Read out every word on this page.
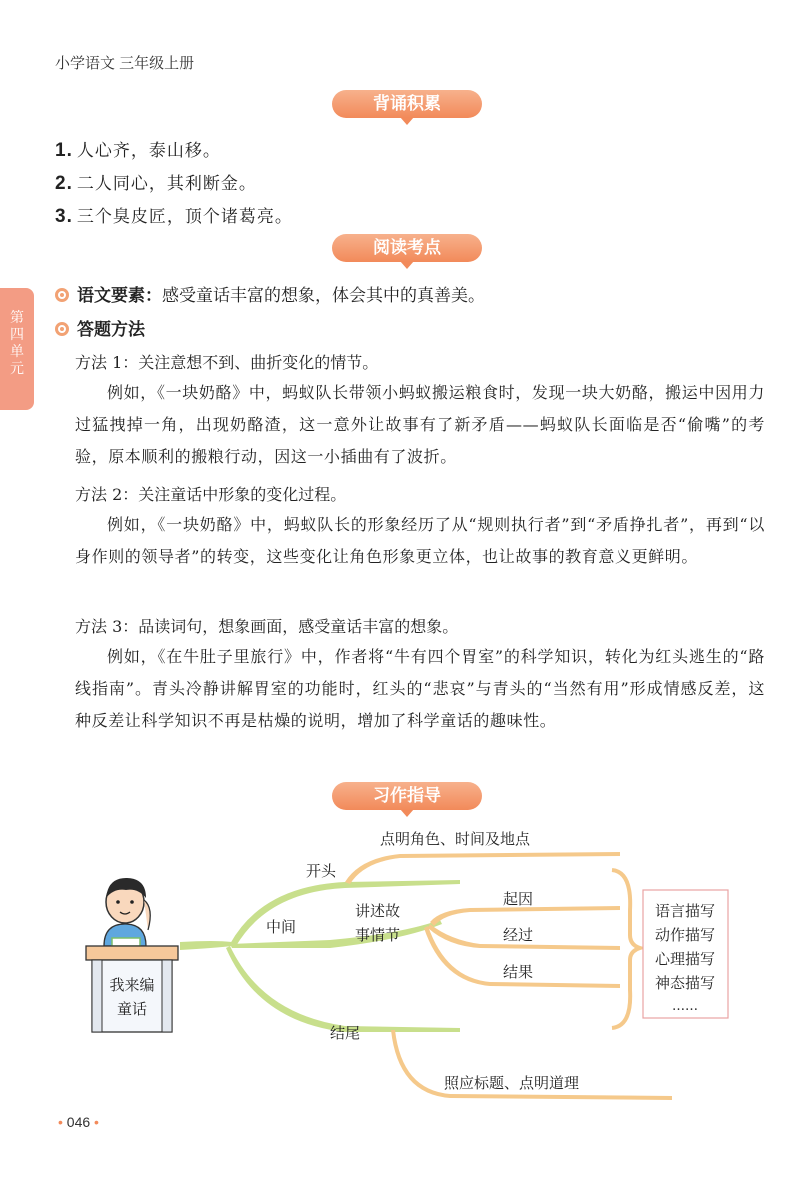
小学语文 三年级上册
第四单元
背诵积累
1. 人心齐，泰山移。
2. 二人同心，其利断金。
3. 三个臭皮匠，顶个诸葛亮。
阅读考点
语文要素：感受童话丰富的想象，体会其中的真善美。
答题方法
方法 1：关注意想不到、曲折变化的情节。
例如，《一块奶酪》中，蚂蚁队长带领小蚂蚁搬运粮食时，发现一块大奶酪，搬运中因用力过猛拽掉一角，出现奶酪渣，这一意外让故事有了新矛盾——蚂蚁队长面临是否“偷嘴”的考验，原本顺利的搬粮行动，因这一小插曲有了波折。
方法 2：关注童话中形象的变化过程。
例如，《一块奶酪》中，蚂蚁队长的形象经历了从“规则执行者”到“矛盾挣扎者”，再到“以身作则的领导者”的转变，这些变化让角色形象更立体，也让故事的教育意义更鲜明。
方法 3：品读词句，想象画面，感受童话丰富的想象。
例如，《在牛肚子里旅行》中，作者将“牛有四个胃室”的科学知识，转化为红头逃生的“路线指南”。青头冷静讲解胃室的功能时，红头的“悲哀”与青头的“当然有用”形成情感反差，这种反差让科学知识不再是枯燥的说明，增加了科学童话的趣味性。
习作指导
我来编
童话
开头
点明角色、时间及地点
中间
讲述故
事情节
起因
经过
结果
结尾
照应标题、点明道理
语言描写
动作描写
心理描写
神态描写
……
• 046 •
